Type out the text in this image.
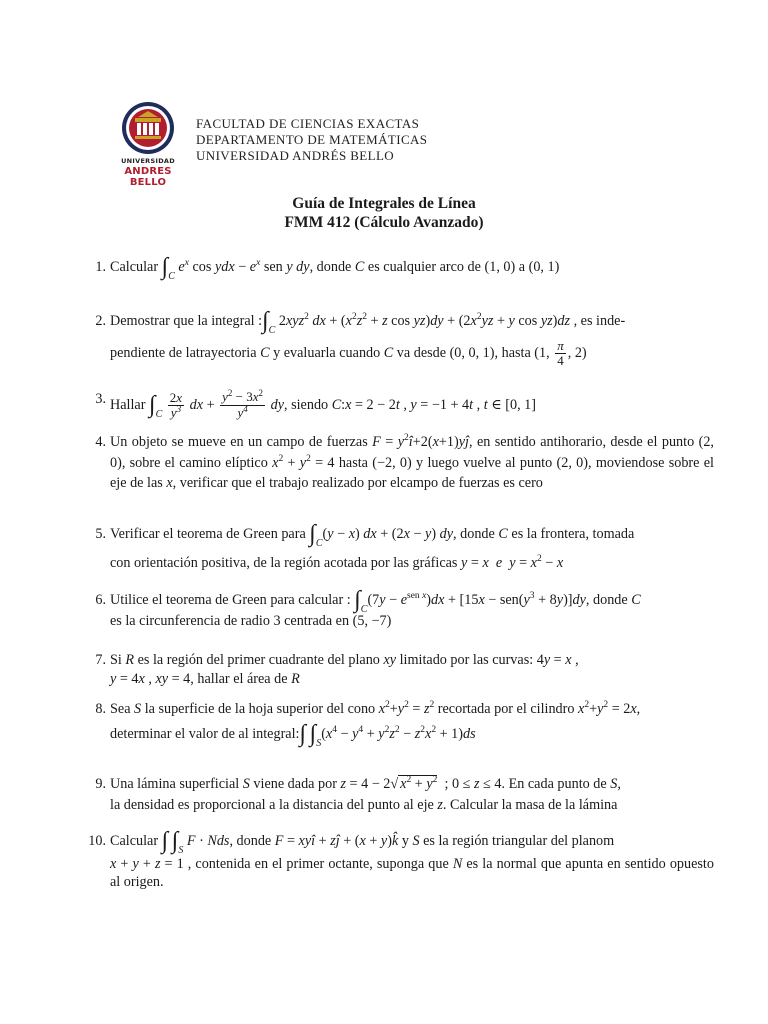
UNIVERSIDAD
ANDRES BELLO
FACULTAD DE CIENCIAS EXACTAS
DEPARTAMENTO DE MATEMÁTICAS
UNIVERSIDAD ANDRÉS BELLO
Guía de Integrales de Línea
FMM 412 (Cálculo Avanzado)
1. Calcular $\int_C$ $e^x$ cos ydx − $e^x$ sen y dy, donde C es cualquier arco de (1, 0) a (0, 1)

2. Demostrar que la integral $:\int_C$ 2xyz$^2$ dx + ($x^2z^2 + z$ $\cos yz)dy + (2x^2yz + y$ cos yz)dz , es inde-

pendiente de latrayectoria C y evaluarla cuando C va desde (0, 0, 1), hasta (1, $\frac{\pi}{4}$ , 2)

3. Hallar $\int_C \frac{2x}{y^3}$ dx + $\frac{y^2 - 3x^2}{y^4}$ dy, siendo C:x = 2 − 2t , y = −1 + 4t , t ∈ [0, 1]

4. Un objeto se mueve en un campo de fuerzas $F = y^2î+2(x+1)yĵ$, en sentido antihorario, desde el punto (2, 0), sobre el camino elíptico $x^2 + y^2 = 4$ hasta (−2, 0) y luego vuelve al punto (2, 0), moviendose sobre el eje de las x, verificar que el trabajo realizado por elcampo de fuerzas es cero

5. Verificar el teorema de Green para $\int_C(y - x)$ dx + (2x − y) dy, donde C es la frontera, tomada

con orientación positiva, de la región acotada por las gráficas y = x e $y = x^2 - x$

6. Utilice el teorema de Green para calcular : $\int_C(7y - e^{sen x})dx + [15x - sen(y^3 + 8y)]dy$, donde C

es la circunferencia de radio 3 centrada en (5, −7)

7. Si R es la región del primer cuadrante del plano xy limitado por las curvas: 4y = x ,

y = 4x , xy = 4, hallar el área de R

8. Sea S la superficie de la hoja superior del cono $x^2+y^2 = z^2$ recortada por el cilindro $x^2+y^2 = 2x$,

determinar el valor de al integral:∫ $\int_S(x^4 - y^4 + y^2z^2 - z^2x^2 + 1)ds$

9. Una lámina superficial S viene dada por z = 4 − 2√ $x^2 + y^2$  ; 0 ≤ z ≤ 4. En cada punto de S,

la densidad es proporcional a la distancia del punto al eje z. Calcular la masa de la lámina

10. Calcular ∫ $\int_S$ F · Nds, donde F = xyî + zĵ + (x + y)k̂ y S es la región triangular del planom

x + y + z = 1 , contenida en el primer octante, suponga que N es la normal que apunta en sentido opuesto al origen.
